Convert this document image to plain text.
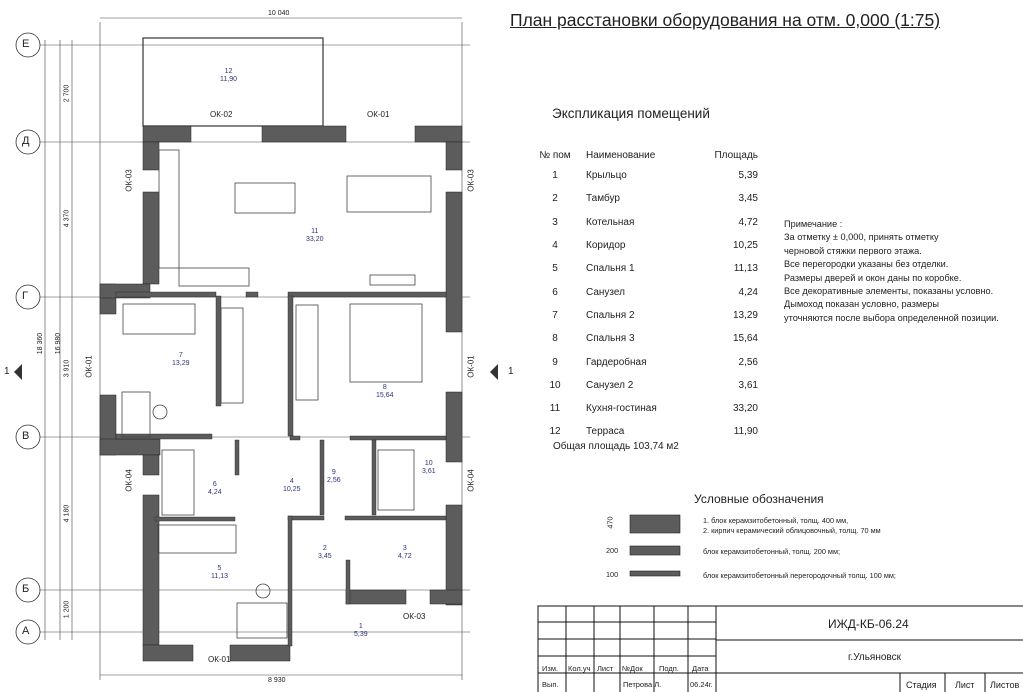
Е
Д
Г
В
Б
А
1	1
10 040
8 930
18 360 16 980
2 700
4 370
3 910
4 180
1 200
ОК-02	ОК-01
ОК-03	ОК-03
ОК-01	ОК-01
ОК-04	ОК-04
ОК-03
ОК-01
12
11,90
11
33,20
7
13,29
8
15,64
6
4,24
4
10,25
9
2,56
10
3,61
5
11,13
2
3,45
3
4,72
1
5,39
План расстановки оборудования на отм. 0,000 (1:75)
Экспликация помещений
№ пом	Наименование	Площадь
1	Крыльцо	5,39
2	Тамбур	3,45
3	Котельная	4,72
4	Коридор	10,25
5	Спальня 1	11,13
6	Санузел	4,24
7	Спальня 2	13,29
8	Спальня 3	15,64
9	Гардеробная	2,56
10	Санузел 2	3,61
11	Кухня-гостиная	33,20
12	Терраса	11,90
Общая площадь 103,74 м2
Примечание :
За отметку ± 0,000, принять отметку
черновой стяжки первого этажа.
Все перегородки указаны без отделки.
Размеры дверей и окон даны по коробке.
Все декоративные элементы, показаны условно.
Дымоход показан условно, размеры
уточняются после выбора определенной позиции.
Условные обозначения
470	1. блок керамзитобетонный, толщ. 400 мм,
2. кирпич керамический облицовочный, толщ. 70 мм
200	блок керамзитобетонный, толщ. 200 мм;
100	блок керамзитобетонный перегородочный толщ. 100 мм;
ИЖД-КБ-06.24
г.Ульяновск
Изм. Кол.уч Лист №Док Подп. Дата
Вып.	Петрова Л.	06.24г.	Стадия Лист Листов
